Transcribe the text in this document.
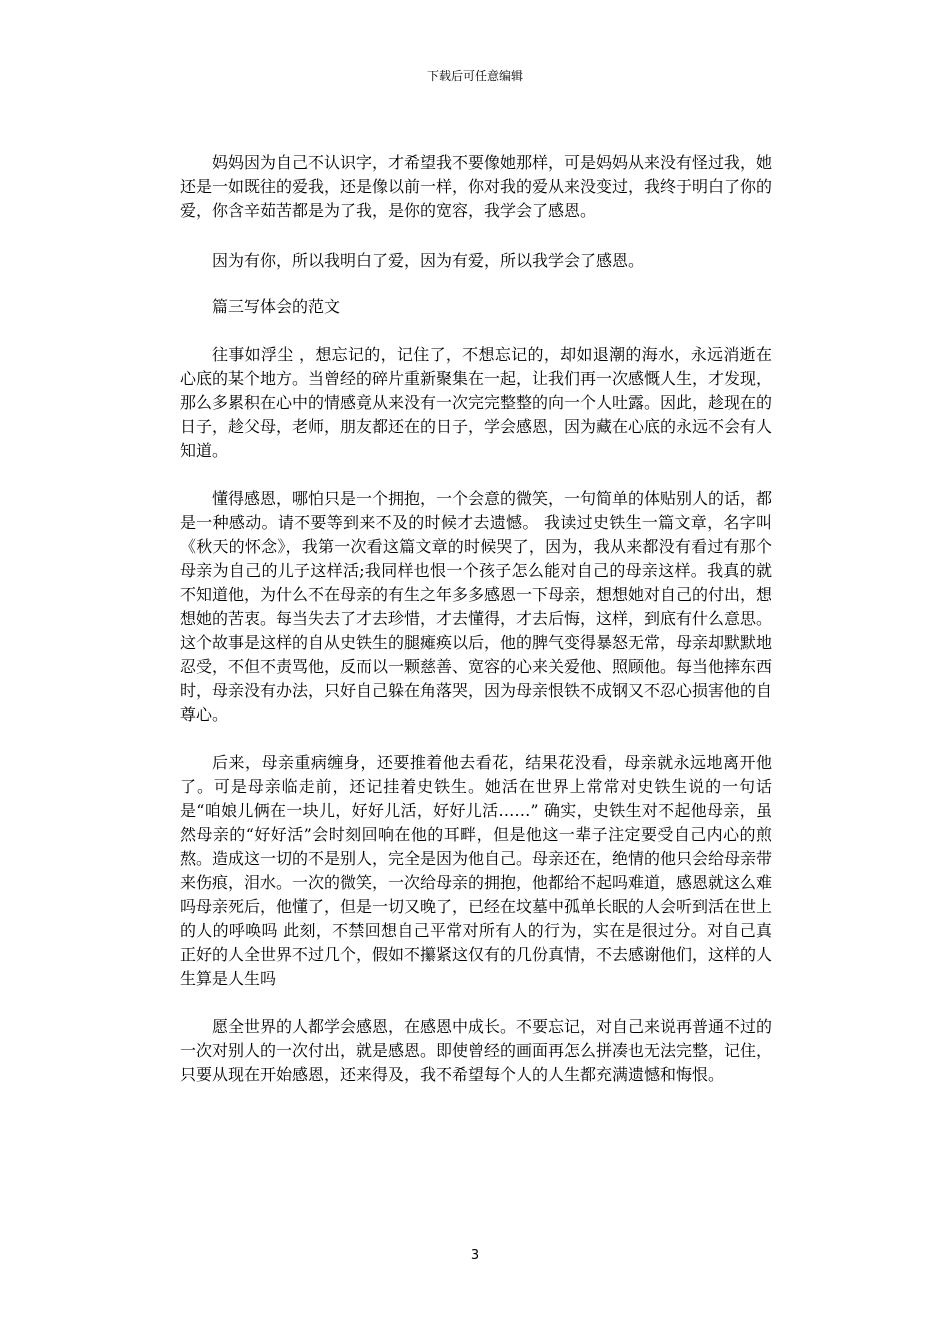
下载后可任意编辑

妈妈因为自己不认识字，才希望我不要像她那样，可是妈妈从来没有怪过我，她还是一如既往的爱我，还是像以前一样，你对我的爱从来没变过，我终于明白了你的爱，你含辛茹苦都是为了我，是你的宽容，我学会了感恩。

因为有你，所以我明白了爱，因为有爱，所以我学会了感恩。

篇三写体会的范文

往事如浮尘 ，想忘记的，记住了，不想忘记的，却如退潮的海水，永远消逝在心底的某个地方。当曾经的碎片重新聚集在一起，让我们再一次感慨人生，才发现，那么多累积在心中的情感竟从来没有一次完完整整的向一个人吐露。因此，趁现在的日子，趁父母，老师，朋友都还在的日子，学会感恩，因为藏在心底的永远不会有人知道。

懂得感恩，哪怕只是一个拥抱，一个会意的微笑，一句简单的体贴别人的话，都是一种感动。请不要等到来不及的时候才去遗憾。 我读过史铁生一篇文章，名字叫《秋天的怀念》，我第一次看这篇文章的时候哭了，因为，我从来都没有看过有那个母亲为自己的儿子这样活;我同样也恨一个孩子怎么能对自己的母亲这样。我真的就不知道他，为什么不在母亲的有生之年多多感恩一下母亲，想想她对自己的付出，想想她的苦衷。每当失去了才去珍惜，才去懂得，才去后悔，这样，到底有什么意思。 这个故事是这样的自从史铁生的腿瘫痪以后，他的脾气变得暴怒无常，母亲却默默地忍受，不但不责骂他，反而以一颗慈善、宽容的心来关爱他、照顾他。每当他摔东西时，母亲没有办法，只好自己躲在角落哭，因为母亲恨铁不成钢又不忍心损害他的自尊心。

后来，母亲重病缠身，还要推着他去看花，结果花没看，母亲就永远地离开他了。可是母亲临走前，还记挂着史铁生。她活在世界上常常对史铁生说的一句话是“咱娘儿俩在一块儿，好好儿活，好好儿活……” 确实，史铁生对不起他母亲，虽然母亲的“好好活”会时刻回响在他的耳畔，但是他这一辈子注定要受自己内心的煎熬。造成这一切的不是别人，完全是因为他自己。母亲还在，绝情的他只会给母亲带来伤痕，泪水。一次的微笑，一次给母亲的拥抱，他都给不起吗难道，感恩就这么难吗母亲死后，他懂了，但是一切又晚了，已经在坟墓中孤单长眠的人会听到活在世上的人的呼唤吗 此刻，不禁回想自己平常对所有人的行为，实在是很过分。对自己真正好的人全世界不过几个，假如不攥紧这仅有的几份真情，不去感谢他们，这样的人生算是人生吗

愿全世界的人都学会感恩，在感恩中成长。不要忘记，对自己来说再普通不过的一次对别人的一次付出，就是感恩。即使曾经的画面再怎么拼凑也无法完整，记住，只要从现在开始感恩，还来得及，我不希望每个人的人生都充满遗憾和悔恨。

3
